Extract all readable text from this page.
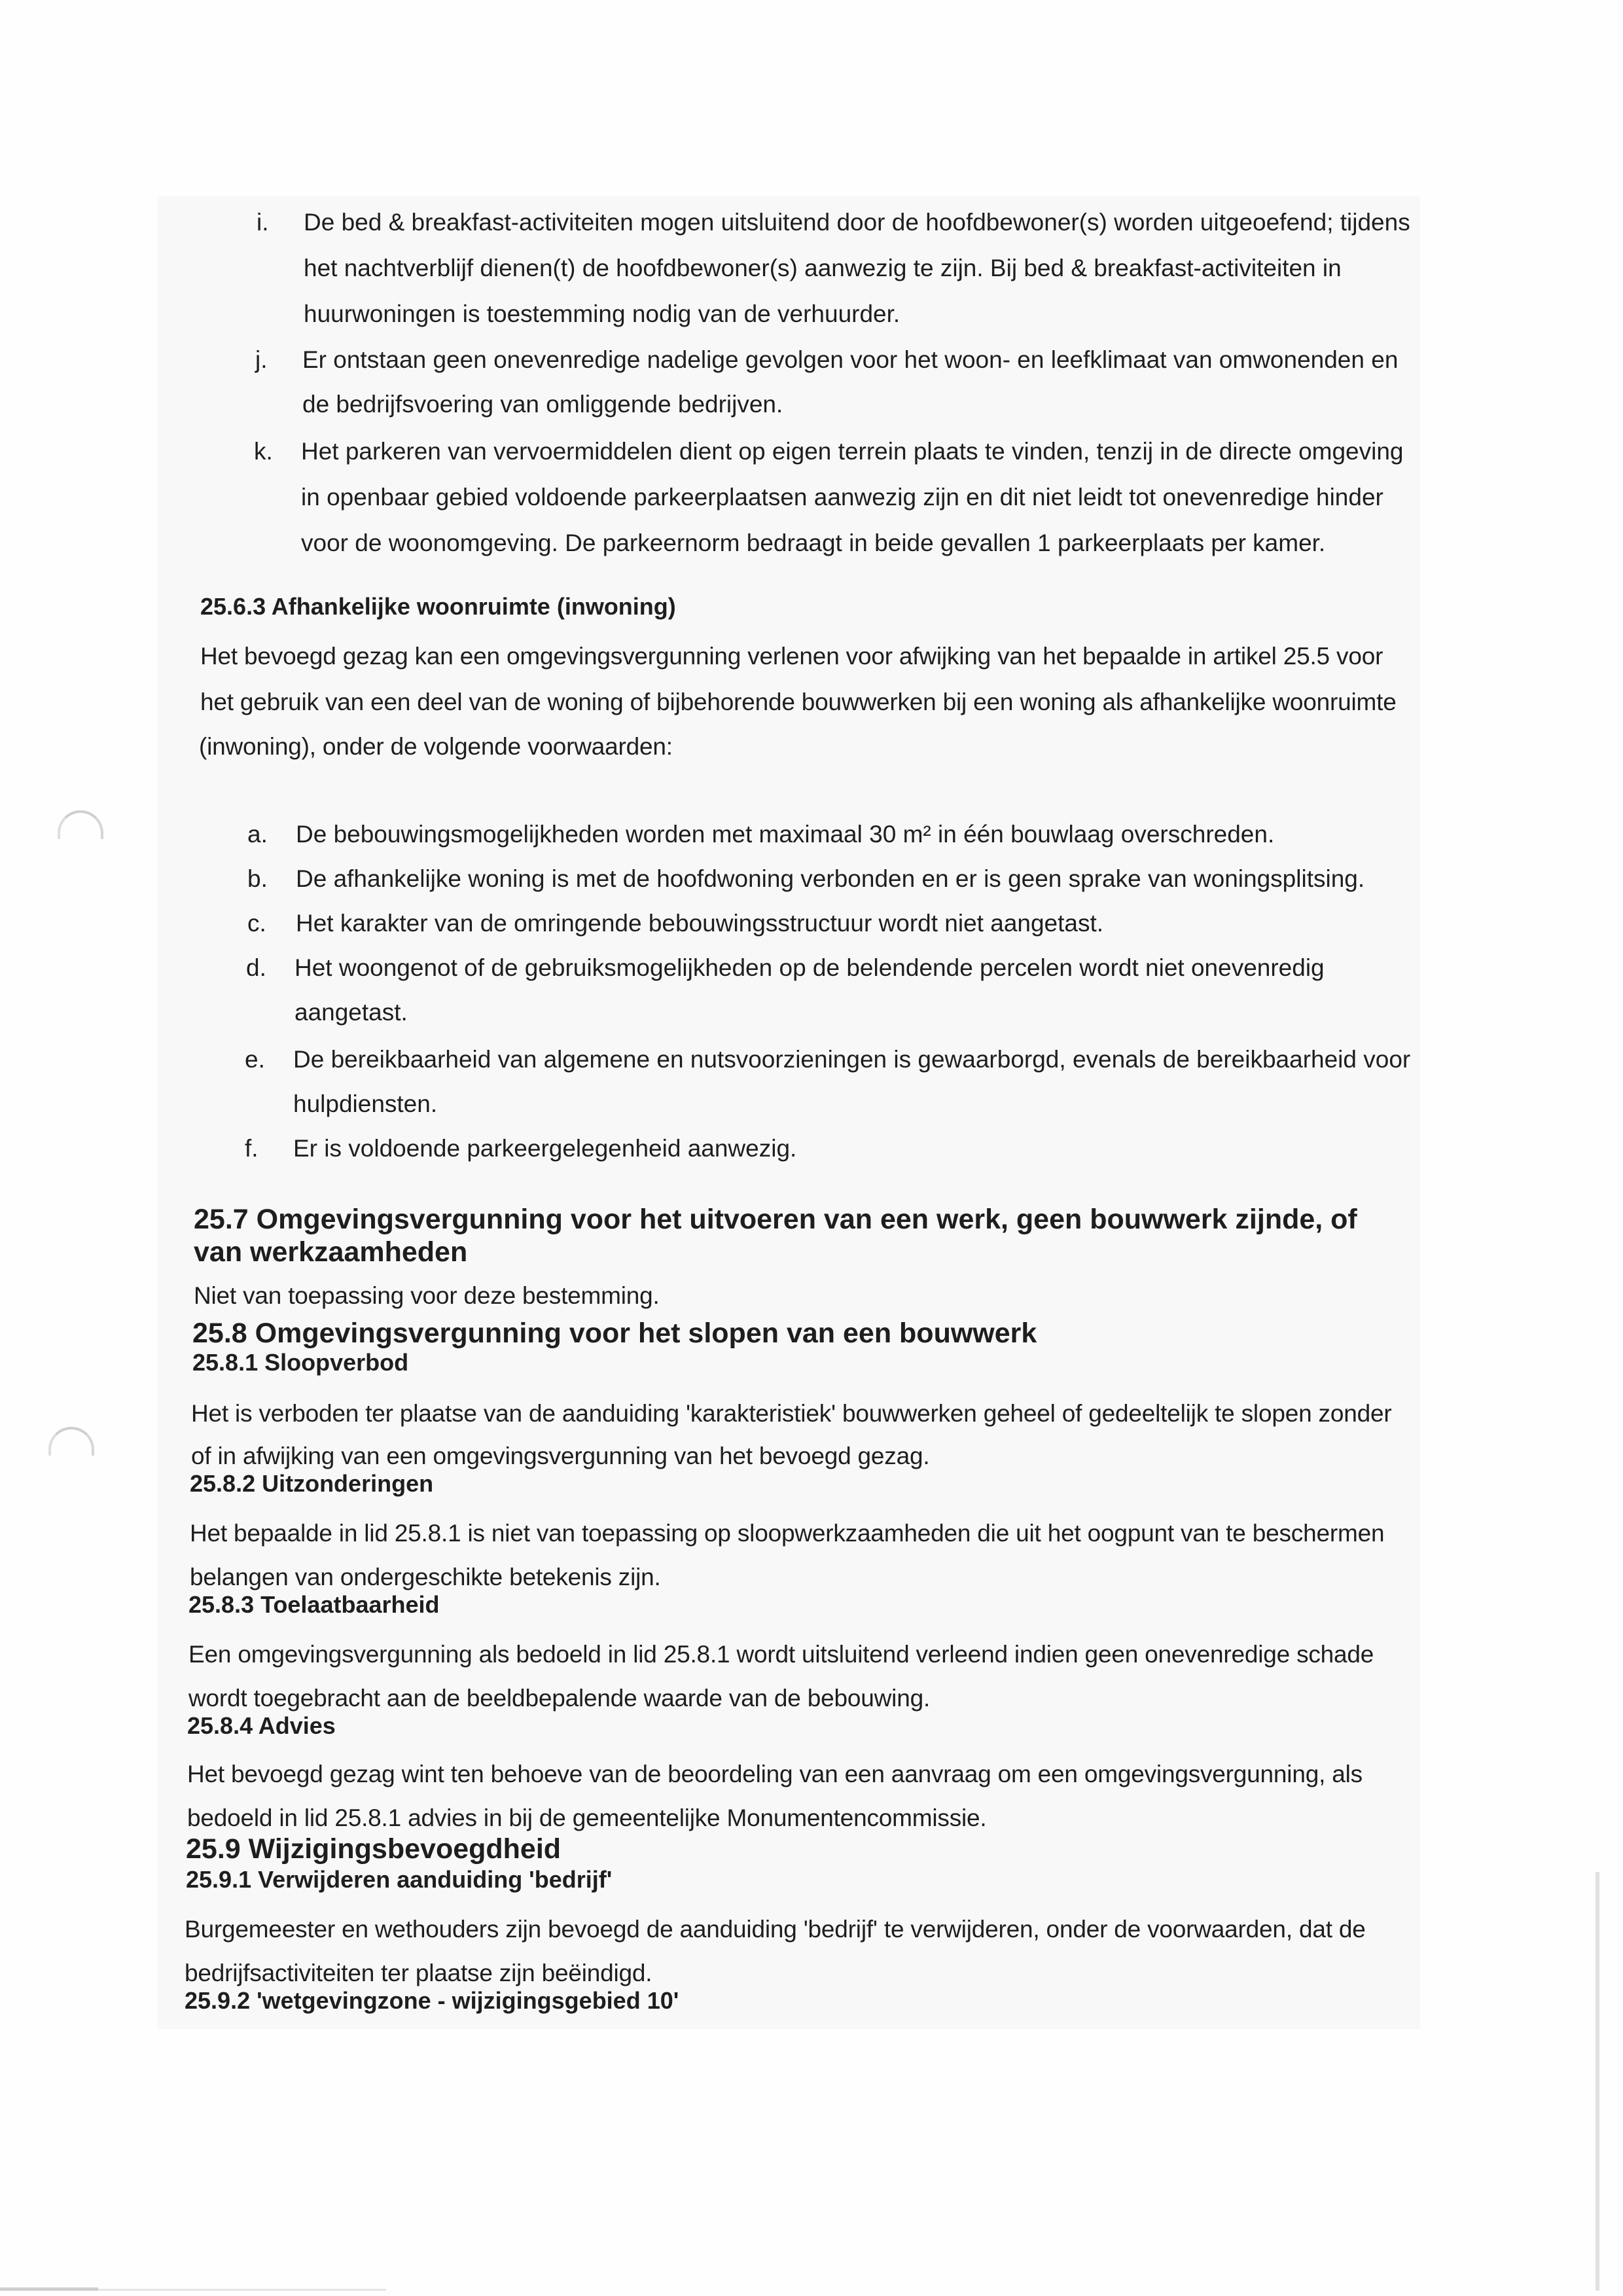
i. De bed & breakfast-activiteiten mogen uitsluitend door de hoofdbewoner(s) worden uitgeoefend; tijdens
het nachtverblijf dienen(t) de hoofdbewoner(s) aanwezig te zijn. Bij bed & breakfast-activiteiten in
huurwoningen is toestemming nodig van de verhuurder.
j. Er ontstaan geen onevenredige nadelige gevolgen voor het woon- en leefklimaat van omwonenden en
de bedrijfsvoering van omliggende bedrijven.
k. Het parkeren van vervoermiddelen dient op eigen terrein plaats te vinden, tenzij in de directe omgeving
in openbaar gebied voldoende parkeerplaatsen aanwezig zijn en dit niet leidt tot onevenredige hinder
voor de woonomgeving. De parkeernorm bedraagt in beide gevallen 1 parkeerplaats per kamer.
25.6.3 Afhankelijke woonruimte (inwoning)
Het bevoegd gezag kan een omgevingsvergunning verlenen voor afwijking van het bepaalde in artikel 25.5 voor
het gebruik van een deel van de woning of bijbehorende bouwwerken bij een woning als afhankelijke woonruimte
(inwoning), onder de volgende voorwaarden:
a. De bebouwingsmogelijkheden worden met maximaal 30 m² in één bouwlaag overschreden.
b. De afhankelijke woning is met de hoofdwoning verbonden en er is geen sprake van woningsplitsing.
c. Het karakter van de omringende bebouwingsstructuur wordt niet aangetast.
d. Het woongenot of de gebruiksmogelijkheden op de belendende percelen wordt niet onevenredig
aangetast.
e. De bereikbaarheid van algemene en nutsvoorzieningen is gewaarborgd, evenals de bereikbaarheid voor
hulpdiensten.
f. Er is voldoende parkeergelegenheid aanwezig.
25.7 Omgevingsvergunning voor het uitvoeren van een werk, geen bouwwerk zijnde, of
van werkzaamheden
Niet van toepassing voor deze bestemming.
25.8 Omgevingsvergunning voor het slopen van een bouwwerk
25.8.1 Sloopverbod
Het is verboden ter plaatse van de aanduiding 'karakteristiek' bouwwerken geheel of gedeeltelijk te slopen zonder
of in afwijking van een omgevingsvergunning van het bevoegd gezag.
25.8.2 Uitzonderingen
Het bepaalde in lid 25.8.1 is niet van toepassing op sloopwerkzaamheden die uit het oogpunt van te beschermen
belangen van ondergeschikte betekenis zijn.
25.8.3 Toelaatbaarheid
Een omgevingsvergunning als bedoeld in lid 25.8.1 wordt uitsluitend verleend indien geen onevenredige schade
wordt toegebracht aan de beeldbepalende waarde van de bebouwing.
25.8.4 Advies
Het bevoegd gezag wint ten behoeve van de beoordeling van een aanvraag om een omgevingsvergunning, als
bedoeld in lid 25.8.1 advies in bij de gemeentelijke Monumentencommissie.
25.9 Wijzigingsbevoegdheid
25.9.1 Verwijderen aanduiding 'bedrijf'
Burgemeester en wethouders zijn bevoegd de aanduiding 'bedrijf' te verwijderen, onder de voorwaarden, dat de
bedrijfsactiviteiten ter plaatse zijn beëindigd.
25.9.2 'wetgevingzone - wijzigingsgebied 10'
